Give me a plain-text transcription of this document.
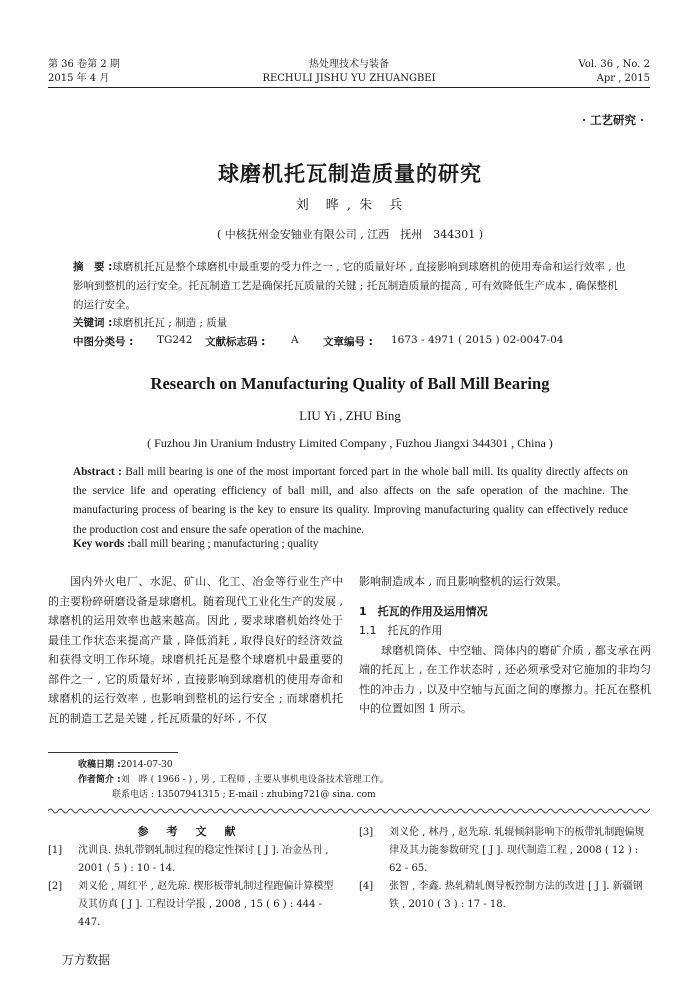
第 36 卷第 2 期
2015 年 4 月
热处理技术与装备
RECHULI JISHU YU ZHUANGBEI
Vol. 36 , No. 2
Apr , 2015
· 工艺研究 ·
球磨机托瓦制造质量的研究
刘　晔 , 朱　兵
( 中核抚州金安铀业有限公司 , 江西　抚州　344301 )
摘　要 :球磨机托瓦是整个球磨机中最重要的受力件之一 , 它的质量好坏 , 直接影响到球磨机的使用寿命和运行效率 , 也影响到整机的运行安全。托瓦制造工艺是确保托瓦质量的关键 ; 托瓦制造质量的提高 , 可有效降低生产成本 , 确保整机的运行安全。
关键词 :球磨机托瓦 ; 制造 ; 质量
中图分类号 : TG242 文献标志码 : A 文章编号 : 1673 - 4971 ( 2015 ) 02-0047-04
Research on Manufacturing Quality of Ball Mill Bearing
LIU Yi , ZHU Bing
( Fuzhou Jin Uranium Industry Limited Company , Fuzhou Jiangxi 344301 , China )
Abstract : Ball mill bearing is one of the most important forced part in the whole ball mill. Its quality directly affects on the service life and operating efficiency of ball mill, and also affects on the safe operation of the machine. The manufacturing process of bearing is the key to ensure its quality. Improving manufacturing quality can effectively reduce the production cost and ensure the safe operation of the machine.
Key words :ball mill bearing ; manufacturing ; quality

国内外火电厂、水泥、矿山、化工、冶金等行业生产中的主要粉碎研磨设备是球磨机。随着现代工业化生产的发展 , 球磨机的运用效率也越来越高。因此 , 要求球磨机始终处于最佳工作状态来提高产量 , 降低消耗 , 取得良好的经济效益和获得文明工作环境。球磨机托瓦是整个球磨机中最重要的部件之一 , 它的质量好坏 , 直接影响到球磨机的使用寿命和球磨机的运行效率 , 也影响到整机的运行安全 ; 而球磨机托瓦的制造工艺是关键 , 托瓦质量的好坏 , 不仅

影响制造成本 , 而且影响整机的运行效果。
1　托瓦的作用及运用情况
1.1　托瓦的作用

球磨机筒体、中空轴、筒体内的磨矿介质 , 都支承在两端的托瓦上 , 在工作状态时 , 还必须承受对它施加的非均匀性的冲击力 , 以及中空轴与瓦面之间的摩擦力。托瓦在整机中的位置如图 1 所示。

收稿日期 :2014-07-30
作者简介 :刘　晔 ( 1966 - ) , 男 , 工程师 , 主要从事机电设备技术管理工作。
联系电话 : 13507941315 ; E-mail : zhubing721@ sina. com
参考文献
[1] 沈训良. 热轧带钢轧制过程的稳定性探讨 [ J ]. 冶金丛刊 , 2001 ( 5 ) : 10 - 14.
[2] 刘义伦 , 周红平 , 赵先琼. 楔形板带轧制过程跑偏计算模型及其仿真 [ J ]. 工程设计学报 , 2008 , 15 ( 6 ) : 444 - 447.
[3] 刘义伦 , 林丹 , 赵先琼. 轧辊倾斜影响下的板带轧制跑偏规律及其力能参数研究 [ J ]. 现代制造工程 , 2008 ( 12 ) : 62 - 65.
[4] 张智 , 李鑫. 热轧精轧侧导板控制方法的改进 [ J ]. 新疆钢铁 , 2010 ( 3 ) : 17 - 18.
万方数据
